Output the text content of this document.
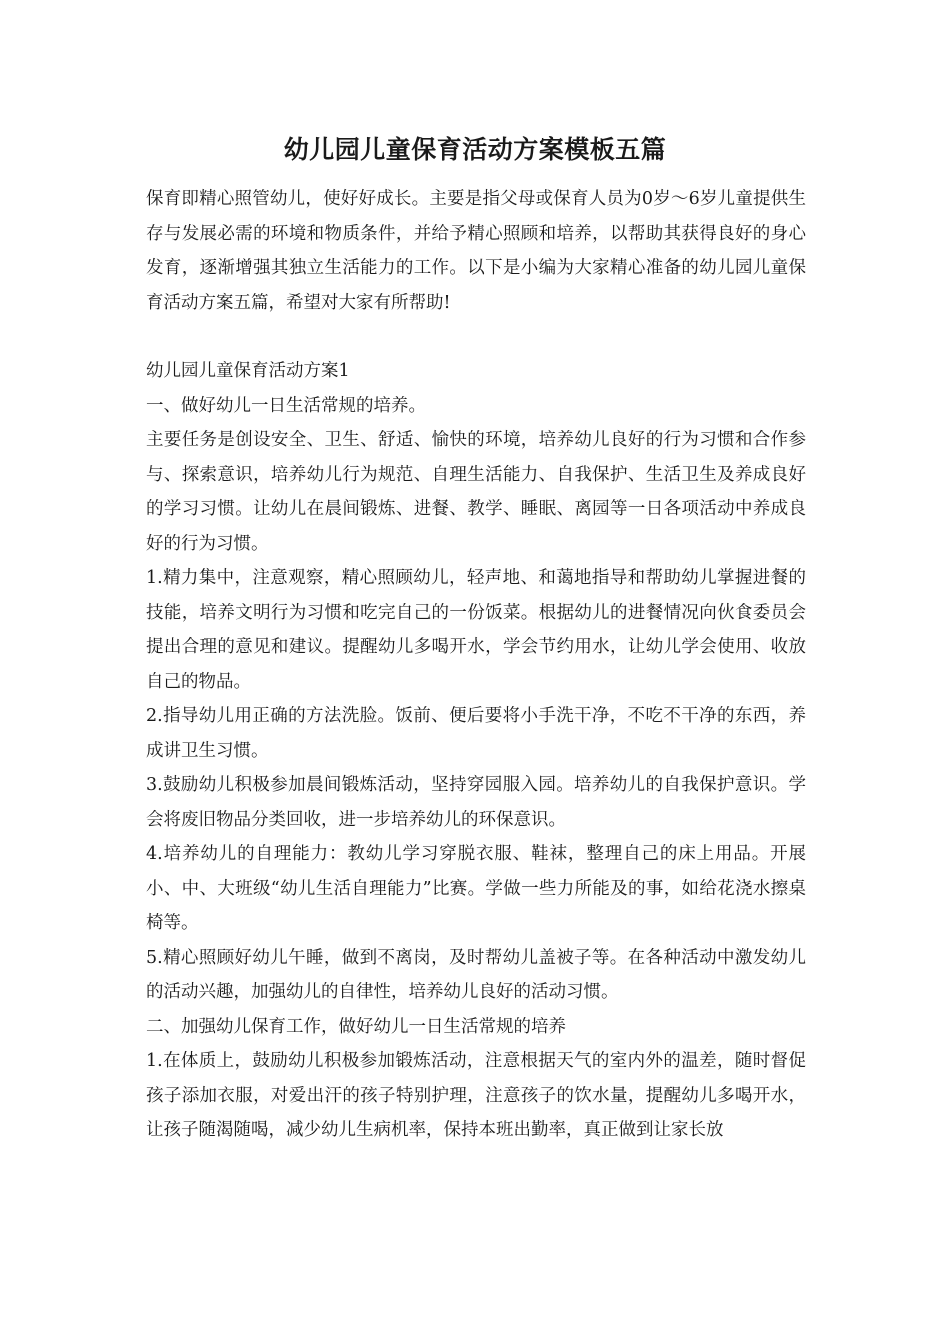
幼儿园儿童保育活动方案模板五篇

保育即精心照管幼儿，使好好成长。主要是指父母或保育人员为0岁～6岁儿童提供生存与发展必需的环境和物质条件，并给予精心照顾和培养，以帮助其获得良好的身心发育，逐渐增强其独立生活能力的工作。以下是小编为大家精心准备的幼儿园儿童保育活动方案五篇，希望对大家有所帮助!

幼儿园儿童保育活动方案1

一、做好幼儿一日生活常规的培养。

主要任务是创设安全、卫生、舒适、愉快的环境，培养幼儿良好的行为习惯和合作参与、探索意识，培养幼儿行为规范、自理生活能力、自我保护、生活卫生及养成良好的学习习惯。让幼儿在晨间锻炼、进餐、教学、睡眠、离园等一日各项活动中养成良好的行为习惯。

1.精力集中，注意观察，精心照顾幼儿，轻声地、和蔼地指导和帮助幼儿掌握进餐的技能，培养文明行为习惯和吃完自己的一份饭菜。根据幼儿的进餐情况向伙食委员会提出合理的意见和建议。提醒幼儿多喝开水，学会节约用水，让幼儿学会使用、收放自己的物品。

2.指导幼儿用正确的方法洗脸。饭前、便后要将小手洗干净，不吃不干净的东西，养成讲卫生习惯。

3.鼓励幼儿积极参加晨间锻炼活动，坚持穿园服入园。培养幼儿的自我保护意识。学会将废旧物品分类回收，进一步培养幼儿的环保意识。

4.培养幼儿的自理能力：教幼儿学习穿脱衣服、鞋袜，整理自己的床上用品。开展小、中、大班级“幼儿生活自理能力”比赛。学做一些力所能及的事，如给花浇水擦桌椅等。

5.精心照顾好幼儿午睡，做到不离岗，及时帮幼儿盖被子等。在各种活动中激发幼儿的活动兴趣，加强幼儿的自律性，培养幼儿良好的活动习惯。

二、加强幼儿保育工作，做好幼儿一日生活常规的培养

1.在体质上，鼓励幼儿积极参加锻炼活动，注意根据天气的室内外的温差，随时督促孩子添加衣服，对爱出汗的孩子特别护理，注意孩子的饮水量，提醒幼儿多喝开水，让孩子随渴随喝，减少幼儿生病机率，保持本班出勤率，真正做到让家长放
